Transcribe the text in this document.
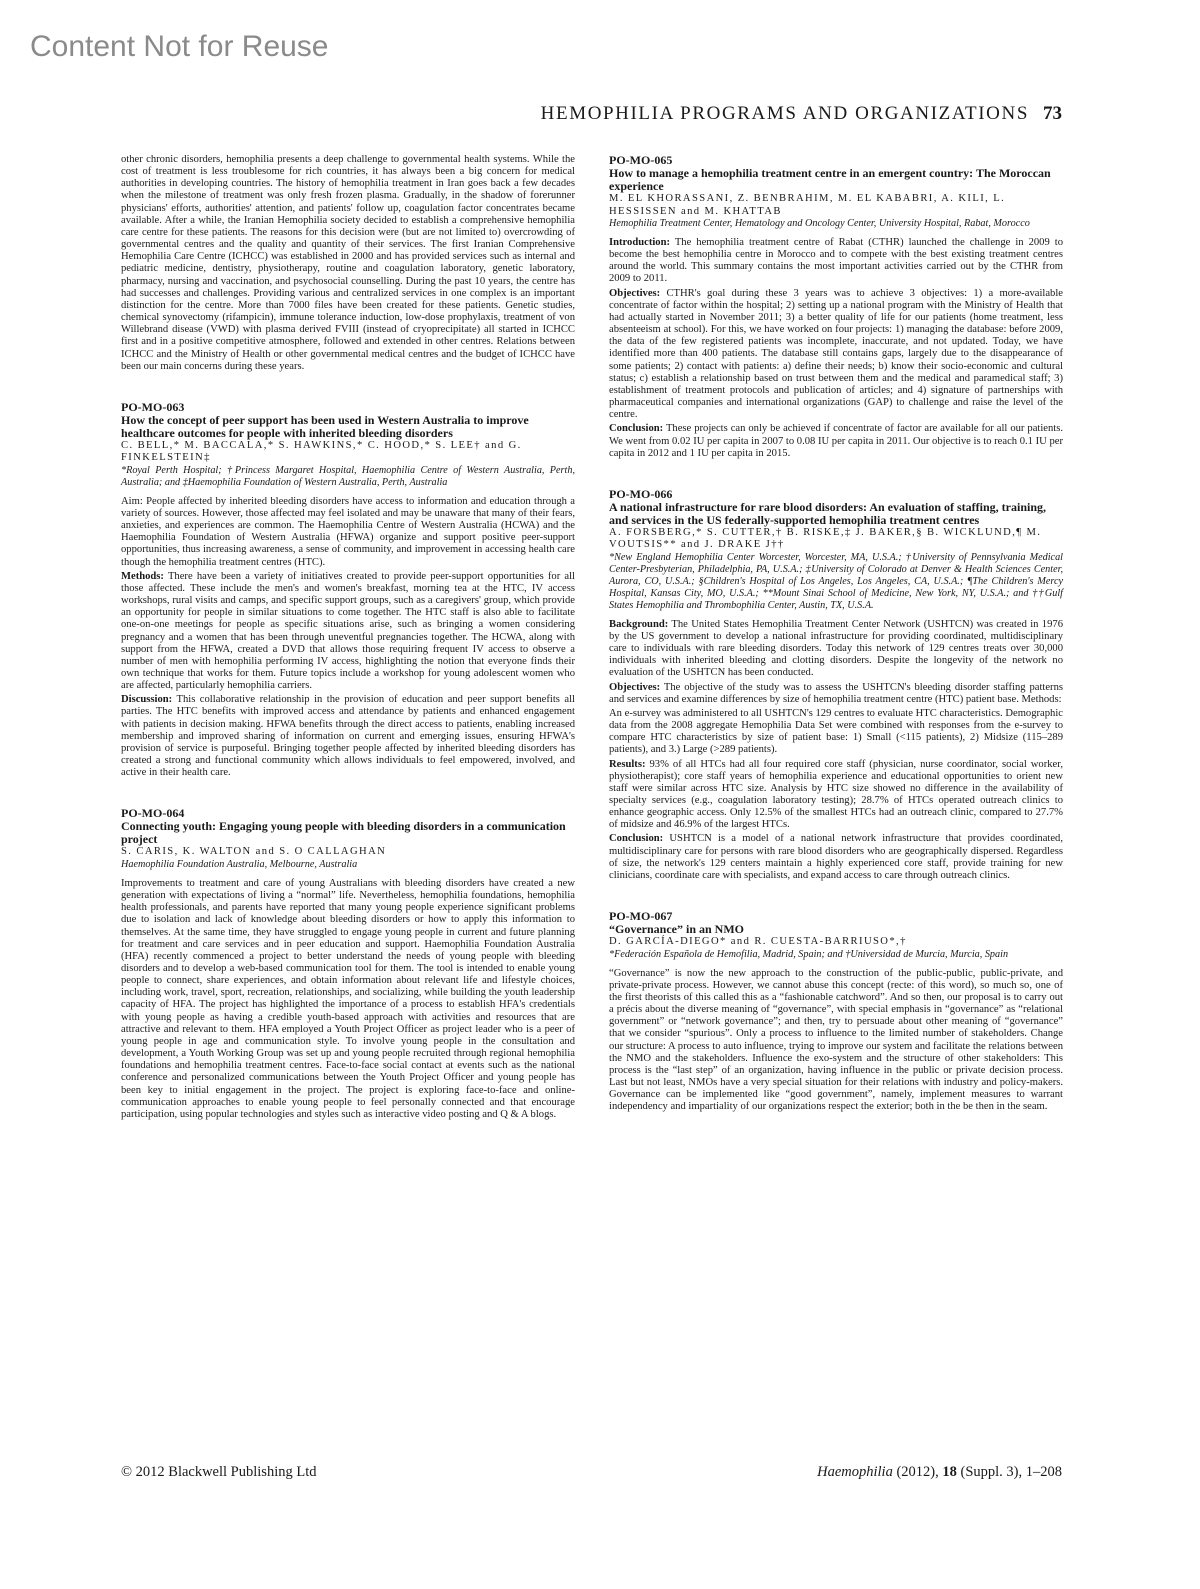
Content Not for Reuse
HEMOPHILIA PROGRAMS AND ORGANIZATIONS 73

other chronic disorders, hemophilia presents a deep challenge to governmental health systems. While the cost of treatment is less troublesome for rich countries, it has always been a big concern for medical authorities in developing countries. The history of hemophilia treatment in Iran goes back a few decades when the milestone of treatment was only fresh frozen plasma. Gradually, in the shadow of forerunner physicians' efforts, authorities' attention, and patients' follow up, coagulation factor concentrates became available. After a while, the Iranian Hemophilia society decided to establish a comprehensive hemophilia care centre for these patients. The reasons for this decision were (but are not limited to) overcrowding of governmental centres and the quality and quantity of their services. The first Iranian Comprehensive Hemophilia Care Centre (ICHCC) was established in 2000 and has provided services such as internal and pediatric medicine, dentistry, physiotherapy, routine and coagulation laboratory, genetic laboratory, pharmacy, nursing and vaccination, and psychosocial counselling. During the past 10 years, the centre has had successes and challenges. Providing various and centralized services in one complex is an important distinction for the centre. More than 7000 files have been created for these patients. Genetic studies, chemical synovectomy (rifampicin), immune tolerance induction, low-dose prophylaxis, treatment of von Willebrand disease (VWD) with plasma derived FVIII (instead of cryoprecipitate) all started in ICHCC first and in a positive competitive atmosphere, followed and extended in other centres. Relations between ICHCC and the Ministry of Health or other governmental medical centres and the budget of ICHCC have been our main concerns during these years.

PO-MO-063
How the concept of peer support has been used in Western Australia to improve healthcare outcomes for people with inherited bleeding disorders
C. BELL,* M. BACCALA,* S. HAWKINS,* C. HOOD,* S. LEE† and G. FINKELSTEIN‡
*Royal Perth Hospital; †Princess Margaret Hospital, Haemophilia Centre of Western Australia, Perth, Australia; and ‡Haemophilia Foundation of Western Australia, Perth, Australia

Aim: People affected by inherited bleeding disorders have access to information and education through a variety of sources. However, those affected may feel isolated and may be unaware that many of their fears, anxieties, and experiences are common. The Haemophilia Centre of Western Australia (HCWA) and the Haemophilia Foundation of Western Australia (HFWA) organize and support positive peer-support opportunities, thus increasing awareness, a sense of community, and improvement in accessing health care though the hemophilia treatment centres (HTC).

Methods: There have been a variety of initiatives created to provide peer-support opportunities for all those affected. These include the men's and women's breakfast, morning tea at the HTC, IV access workshops, rural visits and camps, and specific support groups, such as a caregivers' group, which provide an opportunity for people in similar situations to come together. The HTC staff is also able to facilitate one-on-one meetings for people as specific situations arise, such as bringing a women considering pregnancy and a women that has been through uneventful pregnancies together. The HCWA, along with support from the HFWA, created a DVD that allows those requiring frequent IV access to observe a number of men with hemophilia performing IV access, highlighting the notion that everyone finds their own technique that works for them. Future topics include a workshop for young adolescent women who are affected, particularly hemophilia carriers.

Discussion: This collaborative relationship in the provision of education and peer support benefits all parties. The HTC benefits with improved access and attendance by patients and enhanced engagement with patients in decision making. HFWA benefits through the direct access to patients, enabling increased membership and improved sharing of information on current and emerging issues, ensuring HFWA's provision of service is purposeful. Bringing together people affected by inherited bleeding disorders has created a strong and functional community which allows individuals to feel empowered, involved, and active in their health care.

PO-MO-064
Connecting youth: Engaging young people with bleeding disorders in a communication project
S. CARIS, K. WALTON and S. O CALLAGHAN
Haemophilia Foundation Australia, Melbourne, Australia

Improvements to treatment and care of young Australians with bleeding disorders have created a new generation with expectations of living a “normal” life. Nevertheless, hemophilia foundations, hemophilia health professionals, and parents have reported that many young people experience significant problems due to isolation and lack of knowledge about bleeding disorders or how to apply this information to themselves. At the same time, they have struggled to engage young people in current and future planning for treatment and care services and in peer education and support. Haemophilia Foundation Australia (HFA) recently commenced a project to better understand the needs of young people with bleeding disorders and to develop a web-based communication tool for them. The tool is intended to enable young people to connect, share experiences, and obtain information about relevant life and lifestyle choices, including work, travel, sport, recreation, relationships, and socializing, while building the youth leadership capacity of HFA. The project has highlighted the importance of a process to establish HFA's credentials with young people as having a credible youth-based approach with activities and resources that are attractive and relevant to them. HFA employed a Youth Project Officer as project leader who is a peer of young people in age and communication style. To involve young people in the consultation and development, a Youth Working Group was set up and young people recruited through regional hemophilia foundations and hemophilia treatment centres. Face-to-face social contact at events such as the national conference and personalized communications between the Youth Project Officer and young people has been key to initial engagement in the project. The project is exploring face-to-face and online-communication approaches to enable young people to feel personally connected and that encourage participation, using popular technologies and styles such as interactive video posting and Q & A blogs.

PO-MO-065
How to manage a hemophilia treatment centre in an emergent country: The Moroccan experience
M. EL KHORASSANI, Z. BENBRAHIM, M. EL KABABRI, A. KILI, L. HESSISSEN and M. KHATTAB
Hemophilia Treatment Center, Hematology and Oncology Center, University Hospital, Rabat, Morocco

Introduction: The hemophilia treatment centre of Rabat (CTHR) launched the challenge in 2009 to become the best hemophilia centre in Morocco and to compete with the best existing treatment centres around the world. This summary contains the most important activities carried out by the CTHR from 2009 to 2011.

Objectives: CTHR's goal during these 3 years was to achieve 3 objectives: 1) a more-available concentrate of factor within the hospital; 2) setting up a national program with the Ministry of Health that had actually started in November 2011; 3) a better quality of life for our patients (home treatment, less absenteeism at school). For this, we have worked on four projects: 1) managing the database: before 2009, the data of the few registered patients was incomplete, inaccurate, and not updated. Today, we have identified more than 400 patients. The database still contains gaps, largely due to the disappearance of some patients; 2) contact with patients: a) define their needs; b) know their socio-economic and cultural status; c) establish a relationship based on trust between them and the medical and paramedical staff; 3) establishment of treatment protocols and publication of articles; and 4) signature of partnerships with pharmaceutical companies and international organizations (GAP) to challenge and raise the level of the centre.

Conclusion: These projects can only be achieved if concentrate of factor are available for all our patients. We went from 0.02 IU per capita in 2007 to 0.08 IU per capita in 2011. Our objective is to reach 0.1 IU per capita in 2012 and 1 IU per capita in 2015.

PO-MO-066
A national infrastructure for rare blood disorders: An evaluation of staffing, training, and services in the US federally-supported hemophilia treatment centres
A. FORSBERG,* S. CUTTER,† B. RISKE,‡ J. BAKER,§ B. WICKLUND,¶ M. VOUTSIS** and J. DRAKE J††
*New England Hemophilia Center Worcester, Worcester, MA, U.S.A.; †University of Pennsylvania Medical Center-Presbyterian, Philadelphia, PA, U.S.A.; ‡University of Colorado at Denver & Health Sciences Center, Aurora, CO, U.S.A.; §Children's Hospital of Los Angeles, Los Angeles, CA, U.S.A.; ¶The Children's Mercy Hospital, Kansas City, MO, U.S.A.; **Mount Sinai School of Medicine, New York, NY, U.S.A.; and ††Gulf States Hemophilia and Thrombophilia Center, Austin, TX, U.S.A.

Background: The United States Hemophilia Treatment Center Network (USHTCN) was created in 1976 by the US government to develop a national infrastructure for providing coordinated, multidisciplinary care to individuals with rare bleeding disorders. Today this network of 129 centres treats over 30,000 individuals with inherited bleeding and clotting disorders. Despite the longevity of the network no evaluation of the USHTCN has been conducted.

Objectives: The objective of the study was to assess the USHTCN's bleeding disorder staffing patterns and services and examine differences by size of hemophilia treatment centre (HTC) patient base. Methods:

An e-survey was administered to all USHTCN's 129 centres to evaluate HTC characteristics. Demographic data from the 2008 aggregate Hemophilia Data Set were combined with responses from the e-survey to compare HTC characteristics by size of patient base: 1) Small (<115 patients), 2) Midsize (115–289 patients), and 3.) Large (>289 patients).

Results: 93% of all HTCs had all four required core staff (physician, nurse coordinator, social worker, physiotherapist); core staff years of hemophilia experience and educational opportunities to orient new staff were similar across HTC size. Analysis by HTC size showed no difference in the availability of specialty services (e.g., coagulation laboratory testing); 28.7% of HTCs operated outreach clinics to enhance geographic access. Only 12.5% of the smallest HTCs had an outreach clinic, compared to 27.7% of midsize and 46.9% of the largest HTCs.

Conclusion: USHTCN is a model of a national network infrastructure that provides coordinated, multidisciplinary care for persons with rare blood disorders who are geographically dispersed. Regardless of size, the network's 129 centers maintain a highly experienced core staff, provide training for new clinicians, coordinate care with specialists, and expand access to care through outreach clinics.

PO-MO-067
“Governance” in an NMO
D. GARCÍA-DIEGO* and R. CUESTA-BARRIUSO*,†
*Federación Española de Hemofilia, Madrid, Spain; and †Universidad de Murcia, Murcia, Spain

“Governance” is now the new approach to the construction of the public-public, public-private, and private-private process. However, we cannot abuse this concept (recte: of this word), so much so, one of the first theorists of this called this as a “fashionable catchword”. And so then, our proposal is to carry out a précis about the diverse meaning of “governance”, with special emphasis in “governance” as “relational government” or “network governance”; and then, try to persuade about other meaning of “governance” that we consider “spurious”. Only a process to influence to the limited number of stakeholders. Change our structure: A process to auto influence, trying to improve our system and facilitate the relations between the NMO and the stakeholders. Influence the exo-system and the structure of other stakeholders: This process is the “last step” of an organization, having influence in the public or private decision process. Last but not least, NMOs have a very special situation for their relations with industry and policy-makers. Governance can be implemented like “good government”, namely, implement measures to warrant independency and impartiality of our organizations respect the exterior; both in the be then in the seam.

© 2012 Blackwell Publishing Ltd	Haemophilia (2012), 18 (Suppl. 3), 1–208
